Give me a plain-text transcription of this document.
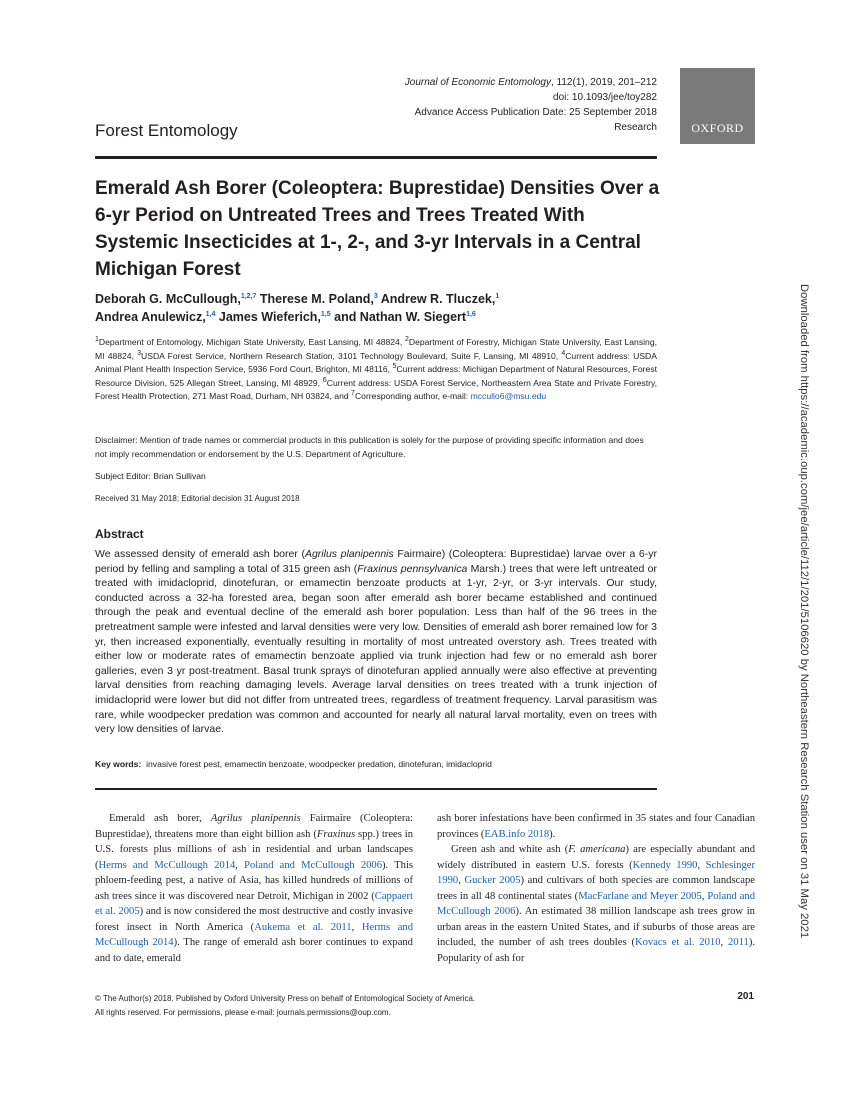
Journal of Economic Entomology, 112(1), 2019, 201–212
doi: 10.1093/jee/toy282
Advance Access Publication Date: 25 September 2018
Research
Forest Entomology	OXFORD
Emerald Ash Borer (Coleoptera: Buprestidae) Densities Over a 6-yr Period on Untreated Trees and Trees Treated With Systemic Insecticides at 1-, 2-, and 3-yr Intervals in a Central Michigan Forest
Deborah G. McCullough,$^{1,2,7}$ Therese M. Poland,$^3$ Andrew R. Tluczek,$^1$
Andrea Anulewicz,$^{1,4}$ James Wieferich,$^{1,5}$ and Nathan W. Siegert$^{1,6}$
$^1$Department of Entomology, Michigan State University, East Lansing, MI 48824, $^2$Department of Forestry, Michigan State University, East Lansing, MI 48824, $^3$USDA Forest Service, Northern Research Station, 3101 Technology Boulevard, Suite F, Lansing, MI 48910, $^4$Current address: USDA Animal Plant Health Inspection Service, 5936 Ford Court, Brighton, MI 48116, $^5$Current address: Michigan Department of Natural Resources, Forest Resource Division, 525 Allegan Street, Lansing, MI 48929, $^6$Current address: USDA Forest Service, Northeastern Area State and Private Forestry, Forest Health Protection, 271 Mast Road, Durham, NH 03824, and $^7$Corresponding author, e-mail: mccullo6@msu.edu
Disclaimer: Mention of trade names or commercial products in this publication is solely for the purpose of providing specific information and does not imply recommendation or endorsement by the U.S. Department of Agriculture.
Subject Editor: Brian Sullivan
Received 31 May 2018; Editorial decision 31 August 2018
Abstract

We assessed density of emerald ash borer (Agrilus planipennis Fairmaire) (Coleoptera: Buprestidae) larvae over a 6-yr period by felling and sampling a total of 315 green ash (Fraxinus pennsylvanica Marsh.) trees that were left untreated or treated with imidacloprid, dinotefuran, or emamectin benzoate products at 1-yr, 2-yr, or 3-yr intervals. Our study, conducted across a 32-ha forested area, began soon after emerald ash borer became established and continued through the peak and eventual decline of the emerald ash borer population. Less than half of the 96 trees in the pretreatment sample were infested and larval densities were very low. Densities of emerald ash borer remained low for 3 yr, then increased exponentially, eventually resulting in mortality of most untreated overstory ash. Trees treated with either low or moderate rates of emamectin benzoate applied via trunk injection had few or no emerald ash borer galleries, even 3 yr post-treatment. Basal trunk sprays of dinotefuran applied annually were also effective at preventing larval densities from reaching damaging levels. Average larval densities on trees treated with a trunk injection of imidacloprid were lower but did not differ from untreated trees, regardless of treatment frequency. Larval parasitism was rare, while woodpecker predation was common and accounted for nearly all natural larval mortality, even on trees with very low densities of larvae.

Key words: invasive forest pest, emamectin benzoate, woodpecker predation, dinotefuran, imidacloprid

Emerald ash borer, Agrilus planipennis Fairmaire (Coleoptera: Buprestidae), threatens more than eight billion ash (Fraxinus spp.) trees in U.S. forests plus millions of ash in residential and urban landscapes (Herms and McCullough 2014, Poland and McCullough 2006). This phloem-feeding pest, a native of Asia, has killed hundreds of millions of ash trees since it was discovered near Detroit, Michigan in 2002 (Cappaert et al. 2005) and is now considered the most destructive and costly invasive forest insect in North America (Aukema et al. 2011, Herms and McCullough 2014). The range of emerald ash borer continues to expand and to date, emerald

ash borer infestations have been confirmed in 35 states and four Canadian provinces (EAB.info 2018).

Green ash and white ash (F. americana) are especially abundant and widely distributed in eastern U.S. forests (Kennedy 1990, Schlesinger 1990, Gucker 2005) and cultivars of both species are common landscape trees in all 48 continental states (MacFarlane and Meyer 2005, Poland and McCullough 2006). An estimated 38 million landscape ash trees grow in urban areas in the eastern United States, and if suburbs of those areas are included, the number of ash trees doubles (Kovacs et al. 2010, 2011). Popularity of ash for

Downloaded from https://academic.oup.com/jee/article/112/1/201/5106620 by Northeastern Research Station user on 31 May 2021
© The Author(s) 2018. Published by Oxford University Press on behalf of Entomological Society of America.
All rights reserved. For permissions, please e-mail: journals.permissions@oup.com.
201
